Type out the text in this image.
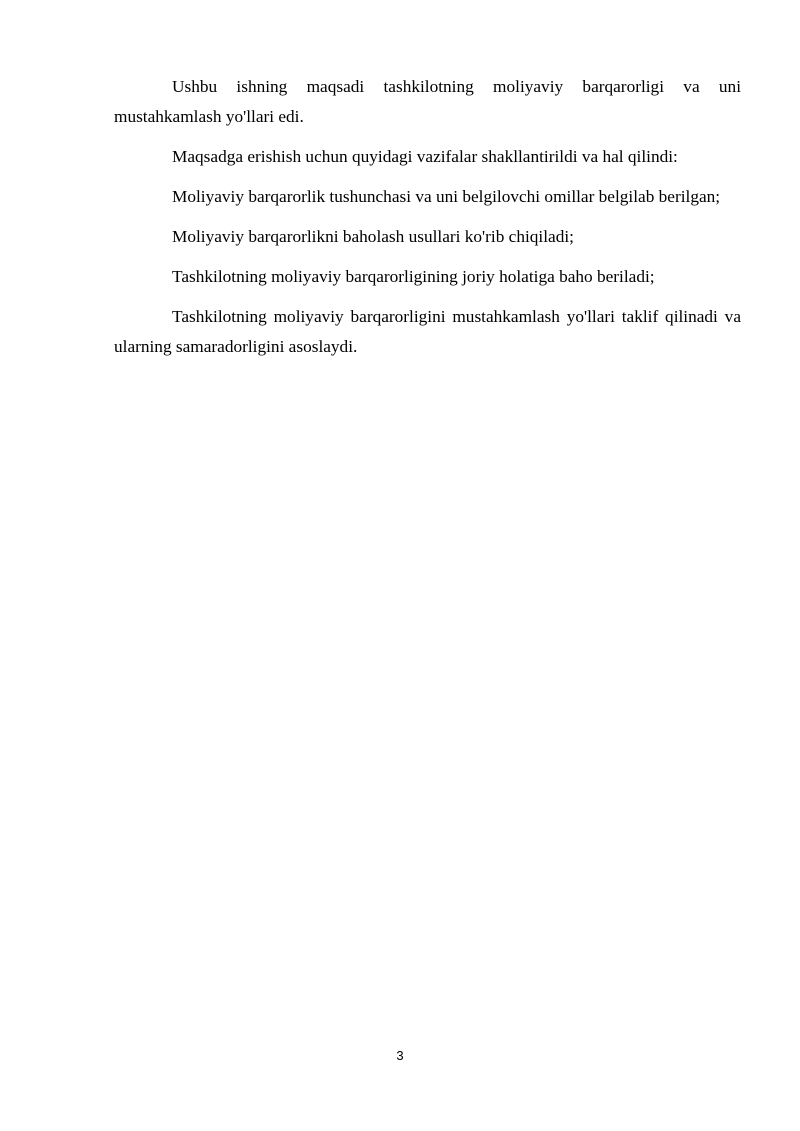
Ushbu ishning maqsadi tashkilotning moliyaviy barqarorligi va uni mustahkamlash yo'llari edi.

Maqsadga erishish uchun quyidagi vazifalar shakllantirildi va hal qilindi:

Moliyaviy barqarorlik tushunchasi va uni belgilovchi omillar belgilab berilgan;

Moliyaviy barqarorlikni baholash usullari ko'rib chiqiladi;

Tashkilotning moliyaviy barqarorligining joriy holatiga baho beriladi;

Tashkilotning moliyaviy barqarorligini mustahkamlash yo'llari taklif qilinadi va ularning samaradorligini asoslaydi.

3
